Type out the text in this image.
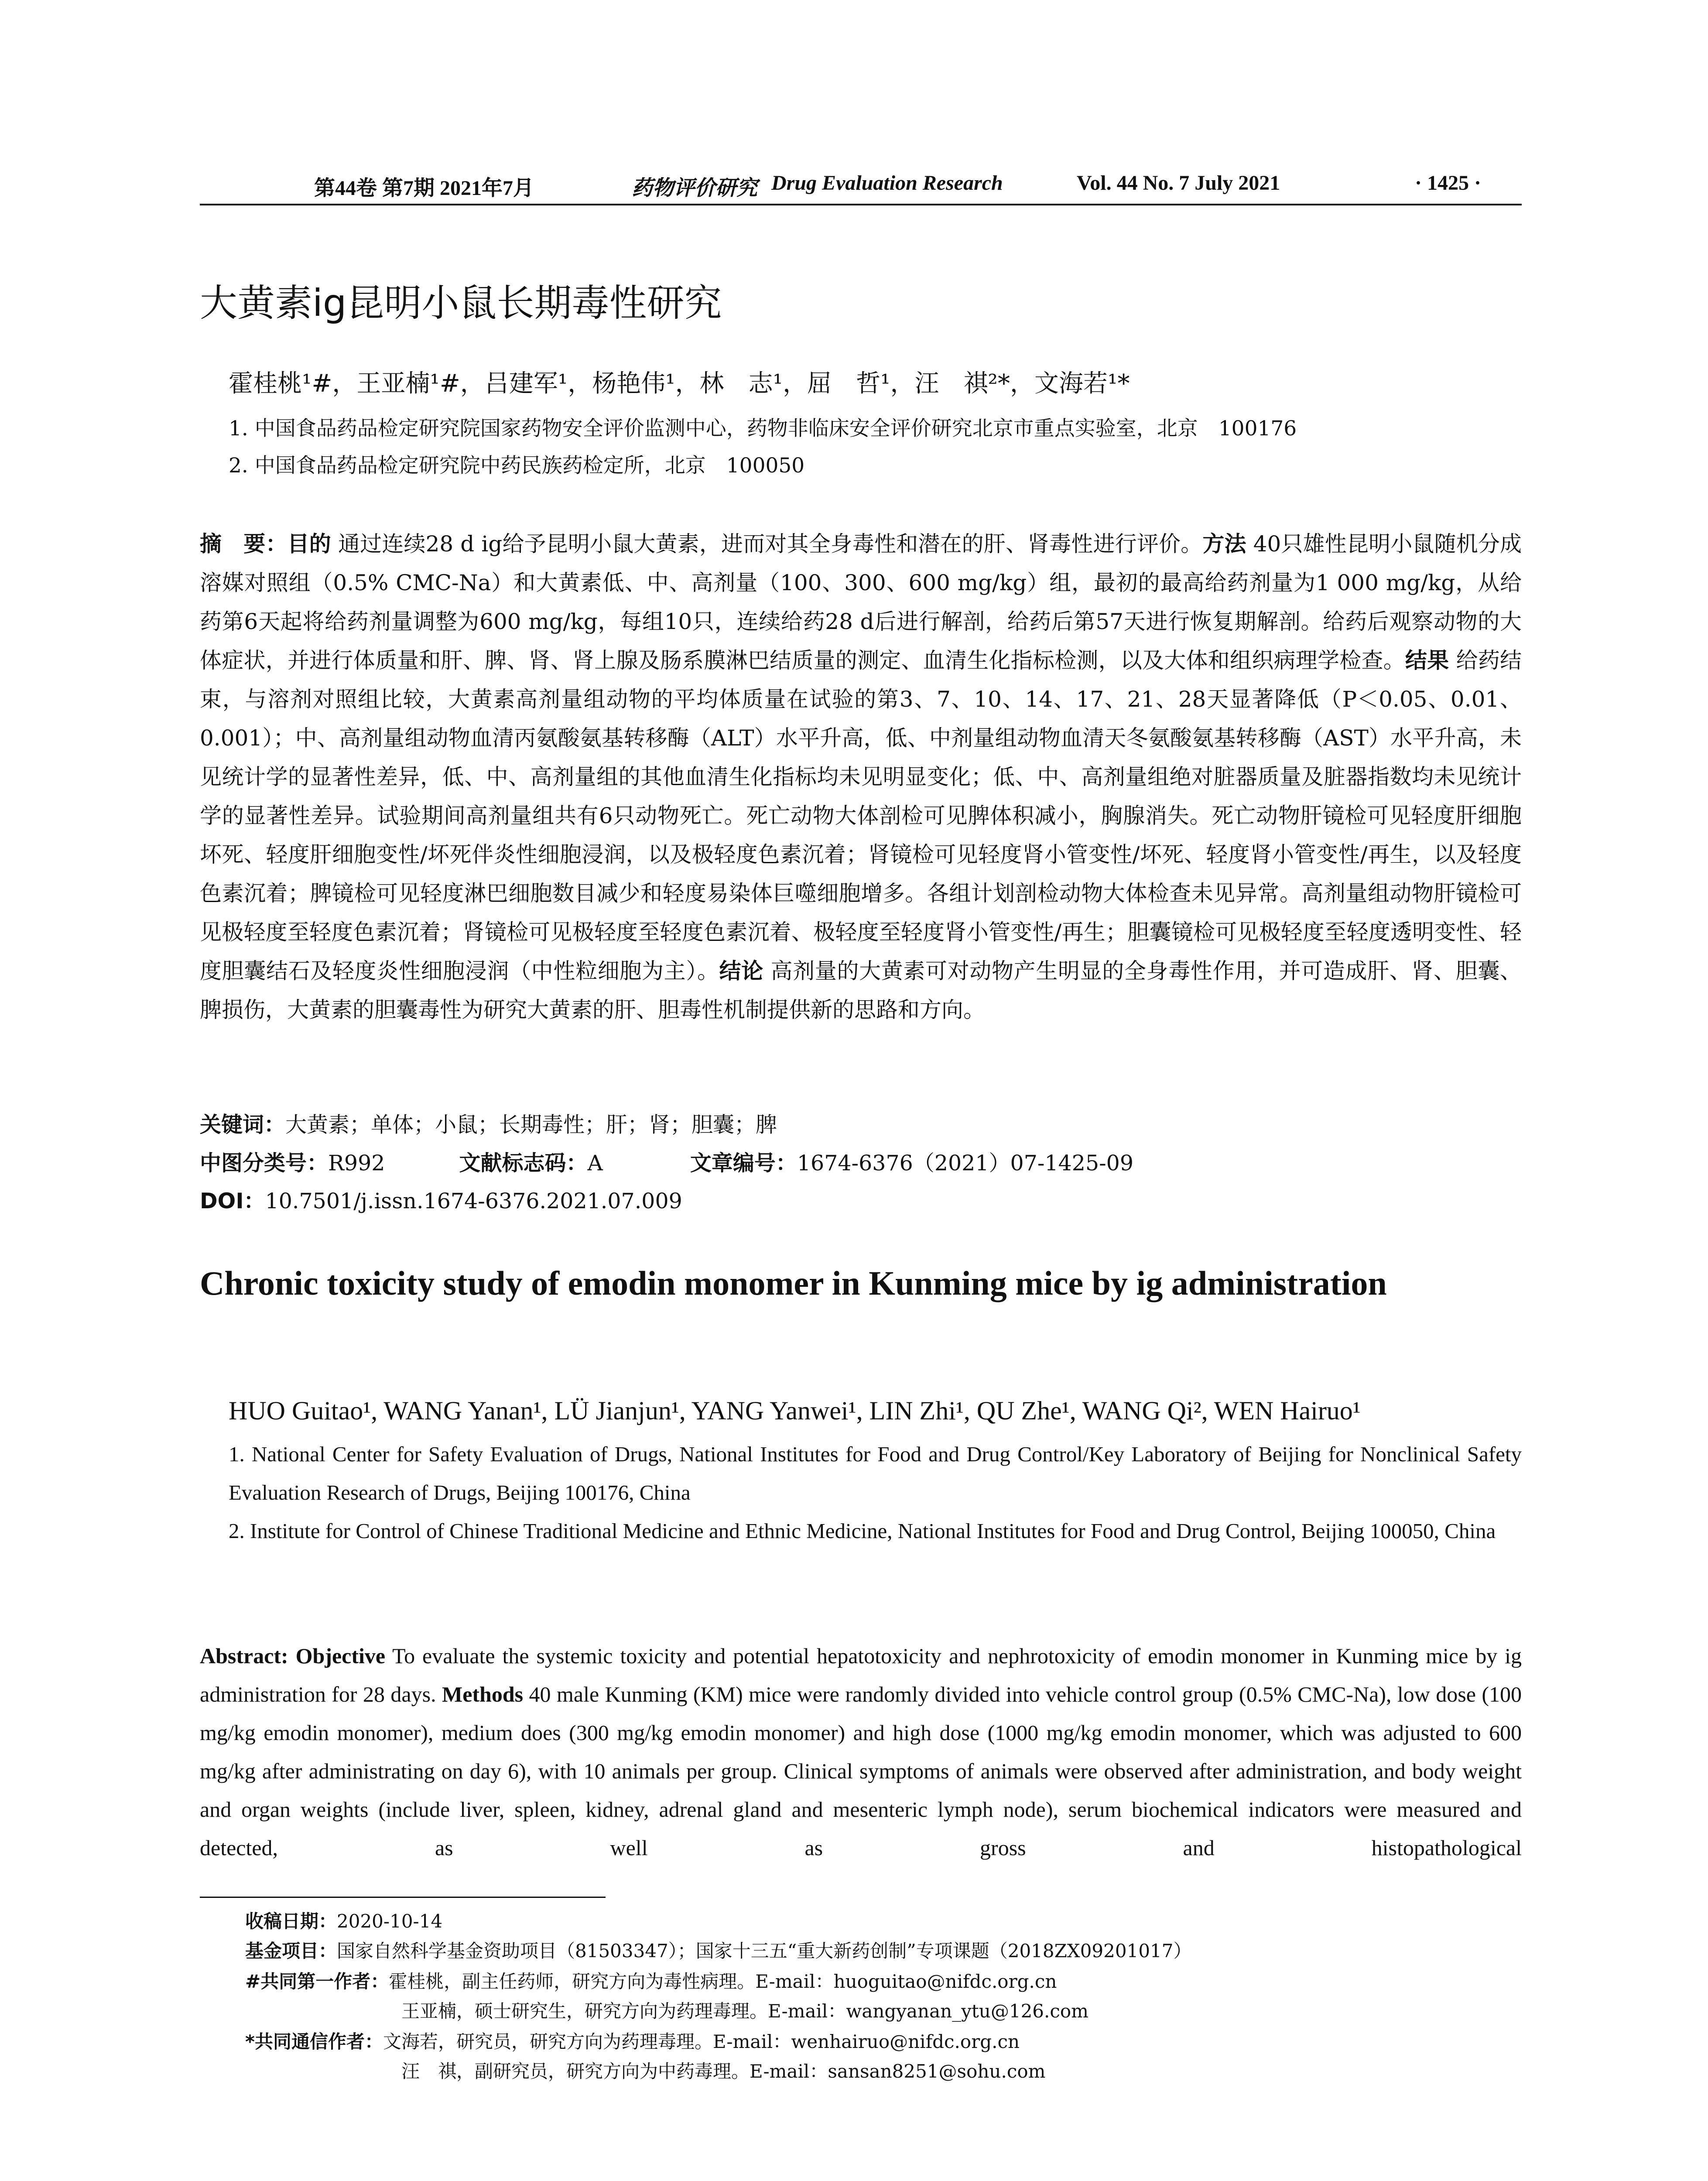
第44卷 第7期 2021年7月	药物评价研究 Drug Evaluation Research	Vol. 44 No. 7 July 2021	· 1425 ·
大黄素ig昆明小鼠长期毒性研究
霍桂桃¹#，王亚楠¹#，吕建军¹，杨艳伟¹，林　志¹，屈　哲¹，汪　祺²*，文海若¹*
1. 中国食品药品检定研究院国家药物安全评价监测中心，药物非临床安全评价研究北京市重点实验室，北京　100176
2. 中国食品药品检定研究院中药民族药检定所，北京　100050
摘　要：目的 通过连续28 d ig给予昆明小鼠大黄素，进而对其全身毒性和潜在的肝、肾毒性进行评价。方法 40只雄性昆明小鼠随机分成溶媒对照组（0.5% CMC-Na）和大黄素低、中、高剂量（100、300、600 mg/kg）组，最初的最高给药剂量为1 000 mg/kg，从给药第6天起将给药剂量调整为600 mg/kg，每组10只，连续给药28 d后进行解剖，给药后第57天进行恢复期解剖。给药后观察动物的大体症状，并进行体质量和肝、脾、肾、肾上腺及肠系膜淋巴结质量的测定、血清生化指标检测，以及大体和组织病理学检查。结果 给药结束，与溶剂对照组比较，大黄素高剂量组动物的平均体质量在试验的第3、7、10、14、17、21、28天显著降低（P＜0.05、0.01、0.001）；中、高剂量组动物血清丙氨酸氨基转移酶（ALT）水平升高，低、中剂量组动物血清天冬氨酸氨基转移酶（AST）水平升高，未见统计学的显著性差异，低、中、高剂量组的其他血清生化指标均未见明显变化；低、中、高剂量组绝对脏器质量及脏器指数均未见统计学的显著性差异。试验期间高剂量组共有6只动物死亡。死亡动物大体剖检可见脾体积减小，胸腺消失。死亡动物肝镜检可见轻度肝细胞坏死、轻度肝细胞变性/坏死伴炎性细胞浸润，以及极轻度色素沉着；肾镜检可见轻度肾小管变性/坏死、轻度肾小管变性/再生，以及轻度色素沉着；脾镜检可见轻度淋巴细胞数目减少和轻度易染体巨噬细胞增多。各组计划剖检动物大体检查未见异常。高剂量组动物肝镜检可见极轻度至轻度色素沉着；肾镜检可见极轻度至轻度色素沉着、极轻度至轻度肾小管变性/再生；胆囊镜检可见极轻度至轻度透明变性、轻度胆囊结石及轻度炎性细胞浸润（中性粒细胞为主）。结论 高剂量的大黄素可对动物产生明显的全身毒性作用，并可造成肝、肾、胆囊、脾损伤，大黄素的胆囊毒性为研究大黄素的肝、胆毒性机制提供新的思路和方向。
关键词：大黄素；单体；小鼠；长期毒性；肝；肾；胆囊；脾
中图分类号：R992	文献标志码：A	文章编号：1674-6376（2021）07-1425-09
DOI：10.7501/j.issn.1674-6376.2021.07.009
Chronic toxicity study of emodin monomer in Kunming mice by ig administration
HUO Guitao¹, WANG Yanan¹, LÜ Jianjun¹, YANG Yanwei¹, LIN Zhi¹, QU Zhe¹, WANG Qi², WEN Hairuo¹
1. National Center for Safety Evaluation of Drugs, National Institutes for Food and Drug Control/Key Laboratory of Beijing for Nonclinical Safety Evaluation Research of Drugs, Beijing 100176, China
2. Institute for Control of Chinese Traditional Medicine and Ethnic Medicine, National Institutes for Food and Drug Control, Beijing 100050, China
Abstract: Objective To evaluate the systemic toxicity and potential hepatotoxicity and nephrotoxicity of emodin monomer in Kunming mice by ig administration for 28 days. Methods 40 male Kunming (KM) mice were randomly divided into vehicle control group (0.5% CMC-Na), low dose (100 mg/kg emodin monomer), medium does (300 mg/kg emodin monomer) and high dose (1000 mg/kg emodin monomer, which was adjusted to 600 mg/kg after administrating on day 6), with 10 animals per group. Clinical symptoms of animals were observed after administration, and body weight and organ weights (include liver, spleen, kidney, adrenal gland and mesenteric lymph node), serum biochemical indicators were measured and detected, as well as gross and histopathological
收稿日期：2020-10-14
基金项目：国家自然科学基金资助项目（81503347）；国家十三五“重大新药创制”专项课题（2018ZX09201017）
#共同第一作者：霍桂桃，副主任药师，研究方向为毒性病理。E-mail：huoguitao@nifdc.org.cn
王亚楠，硕士研究生，研究方向为药理毒理。E-mail：wangyanan_ytu@126.com
*共同通信作者：文海若，研究员，研究方向为药理毒理。E-mail：wenhairuo@nifdc.org.cn
汪　祺，副研究员，研究方向为中药毒理。E-mail：sansan8251@sohu.com
